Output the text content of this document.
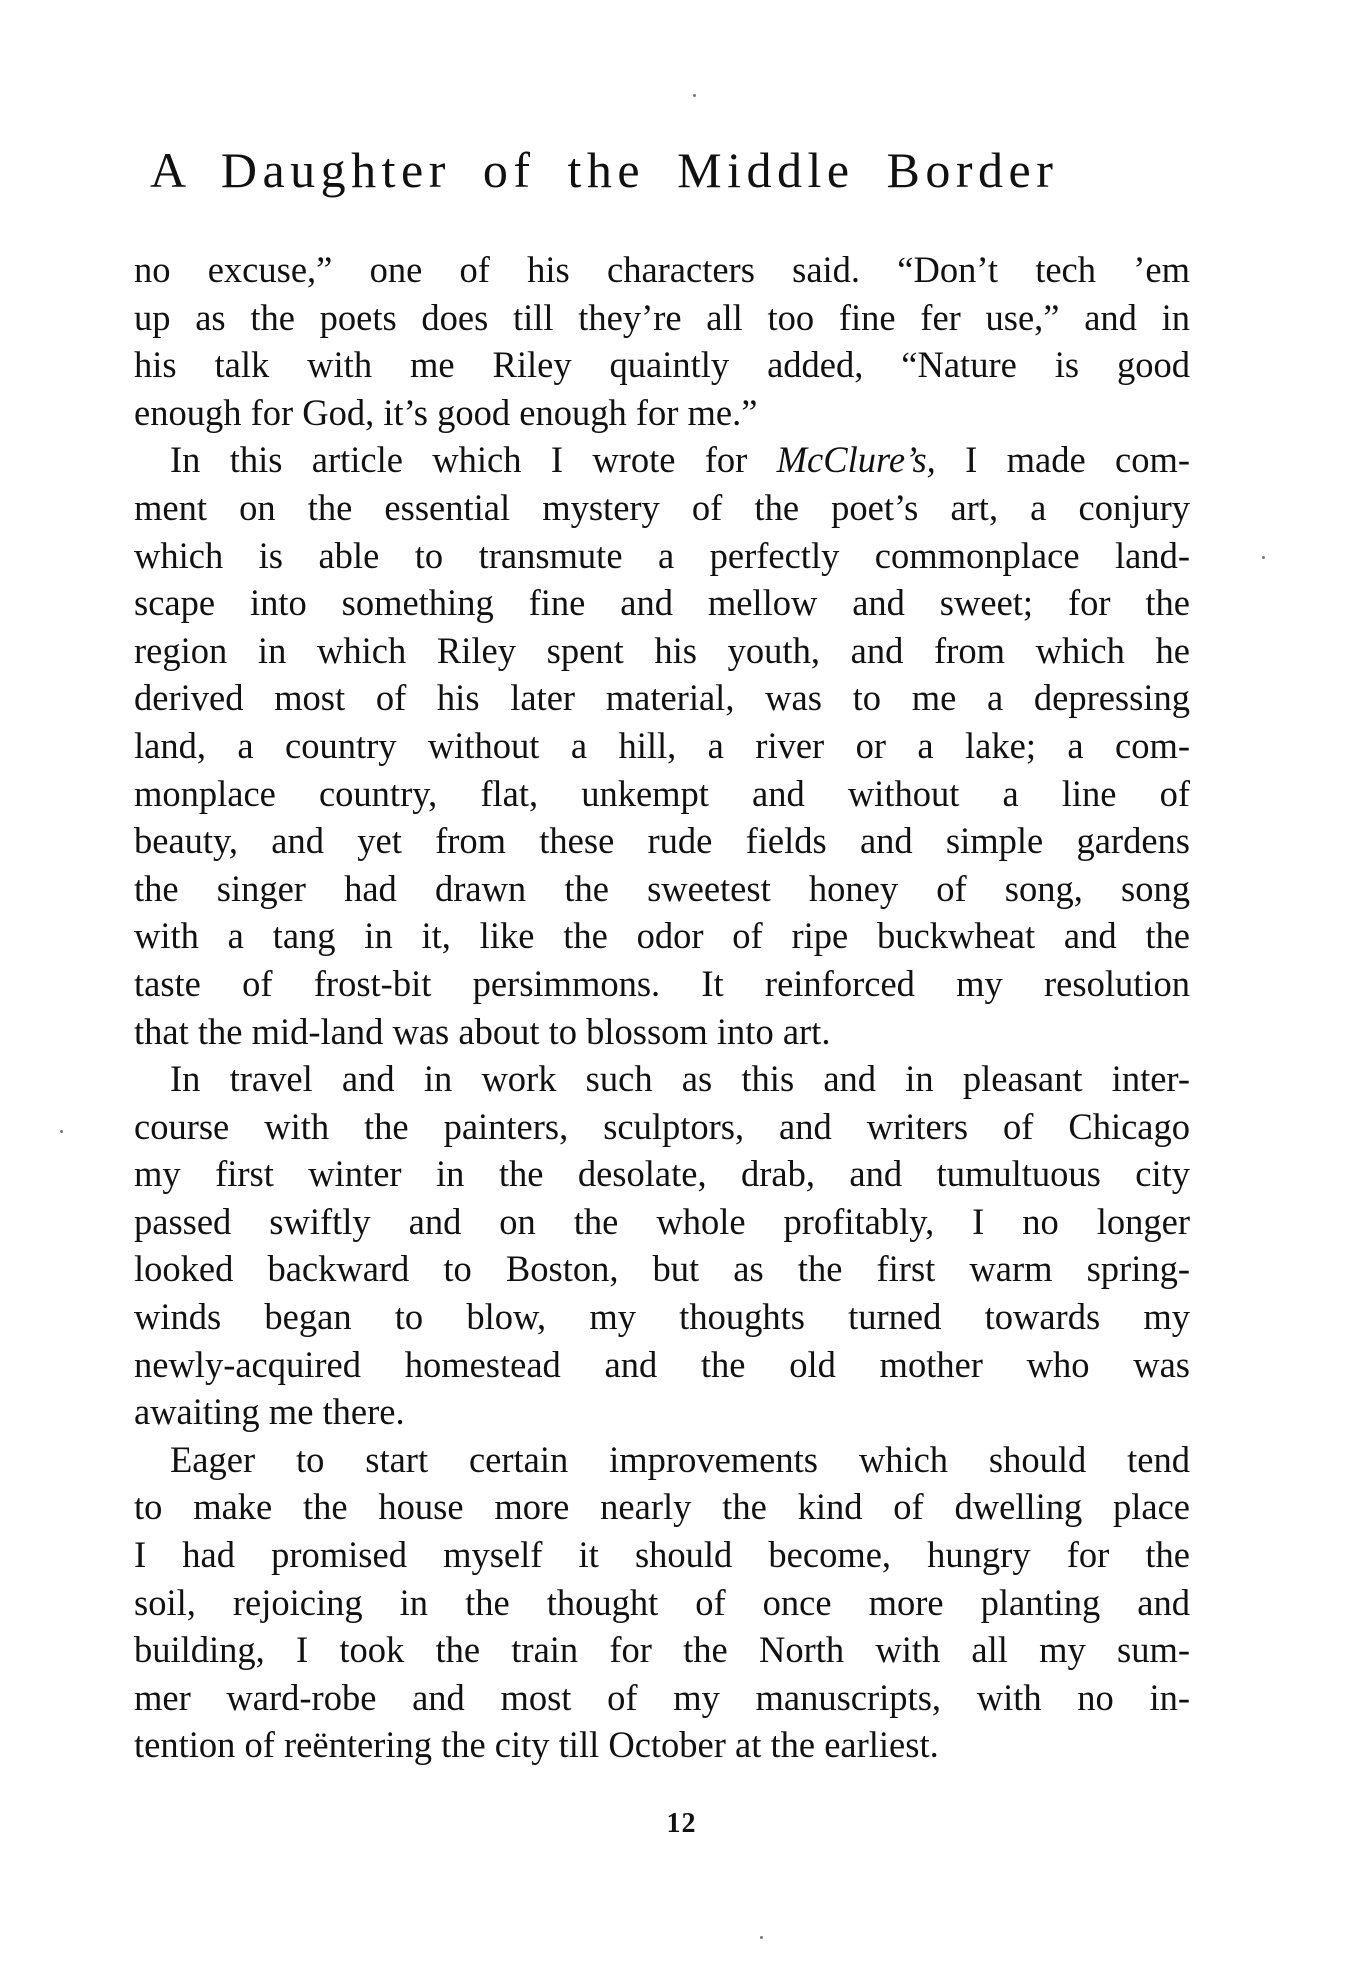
A Daughter of the Middle Border
no excuse,” one of his characters said. “Don’t tech ’em
up as the poets does till they’re all too fine fer use,” and in
his talk with me Riley quaintly added, “Nature is good
enough for God, it’s good enough for me.”
In this article which I wrote for McClure’s, I made com-
ment on the essential mystery of the poet’s art, a conjury
which is able to transmute a perfectly commonplace land-
scape into something fine and mellow and sweet; for the
region in which Riley spent his youth, and from which he
derived most of his later material, was to me a depressing
land, a country without a hill, a river or a lake; a com-
monplace country, flat, unkempt and without a line of
beauty, and yet from these rude fields and simple gardens
the singer had drawn the sweetest honey of song, song
with a tang in it, like the odor of ripe buckwheat and the
taste of frost-bit persimmons. It reinforced my resolution
that the mid-land was about to blossom into art.
In travel and in work such as this and in pleasant inter-
course with the painters, sculptors, and writers of Chicago
my first winter in the desolate, drab, and tumultuous city
passed swiftly and on the whole profitably, I no longer
looked backward to Boston, but as the first warm spring-
winds began to blow, my thoughts turned towards my
newly-acquired homestead and the old mother who was
awaiting me there.
Eager to start certain improvements which should tend
to make the house more nearly the kind of dwelling place
I had promised myself it should become, hungry for the
soil, rejoicing in the thought of once more planting and
building, I took the train for the North with all my sum-
mer ward-robe and most of my manuscripts, with no in-
tention of reëntering the city till October at the earliest.
12
